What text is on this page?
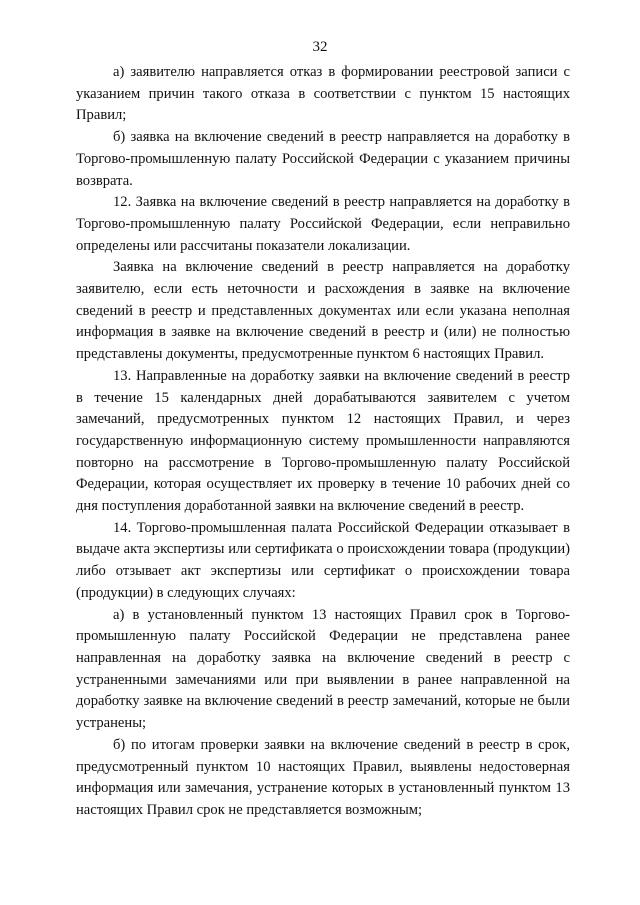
32

а) заявителю направляется отказ в формировании реестровой записи с указанием причин такого отказа в соответствии с пунктом 15 настоящих Правил;

б) заявка на включение сведений в реестр направляется на доработку в Торгово-промышленную палату Российской Федерации с указанием причины возврата.

12. Заявка на включение сведений в реестр направляется на доработку в Торгово-промышленную палату Российской Федерации, если неправильно определены или рассчитаны показатели локализации.

Заявка на включение сведений в реестр направляется на доработку заявителю, если есть неточности и расхождения в заявке на включение сведений в реестр и представленных документах или если указана неполная информация в заявке на включение сведений в реестр и (или) не полностью представлены документы, предусмотренные пунктом 6 настоящих Правил.

13. Направленные на доработку заявки на включение сведений в реестр в течение 15 календарных дней дорабатываются заявителем с учетом замечаний, предусмотренных пунктом 12 настоящих Правил, и через государственную информационную систему промышленности направляются повторно на рассмотрение в Торгово-промышленную палату Российской Федерации, которая осуществляет их проверку в течение 10 рабочих дней со дня поступления доработанной заявки на включение сведений в реестр.

14. Торгово-промышленная палата Российской Федерации отказывает в выдаче акта экспертизы или сертификата о происхождении товара (продукции) либо отзывает акт экспертизы или сертификат о происхождении товара (продукции) в следующих случаях:

а) в установленный пунктом 13 настоящих Правил срок в Торгово-промышленную палату Российской Федерации не представлена ранее направленная на доработку заявка на включение сведений в реестр с устраненными замечаниями или при выявлении в ранее направленной на доработку заявке на включение сведений в реестр замечаний, которые не были устранены;

б) по итогам проверки заявки на включение сведений в реестр в срок, предусмотренный пунктом 10 настоящих Правил, выявлены недостоверная информация или замечания, устранение которых в установленный пунктом 13 настоящих Правил срок не представляется возможным;
